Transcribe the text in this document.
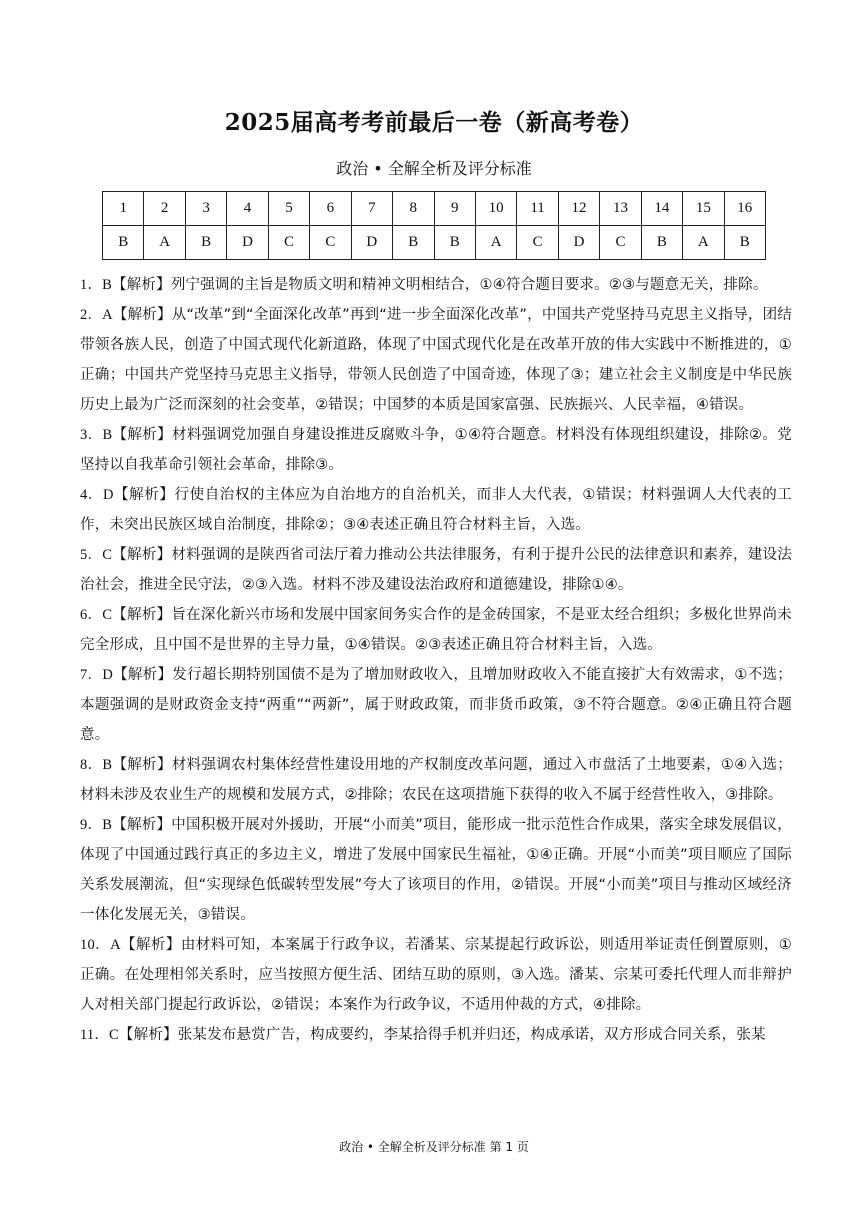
2025届高考考前最后一卷（新高考卷）
政治 • 全解全析及评分标准
1	2	3	4	5	6	7	8	9	10	11	12	13	14	15	16
B	A	B	D	C	C	D	B	B	A	C	D	C	B	A	B

1．B【解析】列宁强调的主旨是物质文明和精神文明相结合，①④符合题目要求。②③与题意无关，排除。

2．A【解析】从“改革”到“全面深化改革”再到“进一步全面深化改革”，中国共产党坚持马克思主义指导，团结带领各族人民，创造了中国式现代化新道路，体现了中国式现代化是在改革开放的伟大实践中不断推进的，①正确；中国共产党坚持马克思主义指导，带领人民创造了中国奇迹，体现了③；建立社会主义制度是中华民族历史上最为广泛而深刻的社会变革，②错误；中国梦的本质是国家富强、民族振兴、人民幸福，④错误。

3．B【解析】材料强调党加强自身建设推进反腐败斗争，①④符合题意。材料没有体现组织建设，排除②。党坚持以自我革命引领社会革命，排除③。

4．D【解析】行使自治权的主体应为自治地方的自治机关，而非人大代表，①错误；材料强调人大代表的工作，未突出民族区域自治制度，排除②；③④表述正确且符合材料主旨，入选。

5．C【解析】材料强调的是陕西省司法厅着力推动公共法律服务，有利于提升公民的法律意识和素养，建设法治社会，推进全民守法，②③入选。材料不涉及建设法治政府和道德建设，排除①④。

6．C【解析】旨在深化新兴市场和发展中国家间务实合作的是金砖国家，不是亚太经合组织；多极化世界尚未完全形成，且中国不是世界的主导力量，①④错误。②③表述正确且符合材料主旨，入选。

7．D【解析】发行超长期特别国债不是为了增加财政收入，且增加财政收入不能直接扩大有效需求，①不选；本题强调的是财政资金支持“两重”“两新”，属于财政政策，而非货币政策，③不符合题意。②④正确且符合题意。

8．B【解析】材料强调农村集体经营性建设用地的产权制度改革问题，通过入市盘活了土地要素，①④入选；材料未涉及农业生产的规模和发展方式，②排除；农民在这项措施下获得的收入不属于经营性收入，③排除。

9．B【解析】中国积极开展对外援助，开展“小而美”项目，能形成一批示范性合作成果，落实全球发展倡议，体现了中国通过践行真正的多边主义，增进了发展中国家民生福祉，①④正确。开展“小而美”项目顺应了国际关系发展潮流，但“实现绿色低碳转型发展”夸大了该项目的作用，②错误。开展“小而美”项目与推动区域经济一体化发展无关，③错误。

10．A【解析】由材料可知，本案属于行政争议，若潘某、宗某提起行政诉讼，则适用举证责任倒置原则，①正确。在处理相邻关系时，应当按照方便生活、团结互助的原则，③入选。潘某、宗某可委托代理人而非辩护人对相关部门提起行政诉讼，②错误；本案作为行政争议，不适用仲裁的方式，④排除。

11．C【解析】张某发布悬赏广告，构成要约，李某拾得手机并归还，构成承诺，双方形成合同关系，张某

政治 • 全解全析及评分标准 第 1 页
